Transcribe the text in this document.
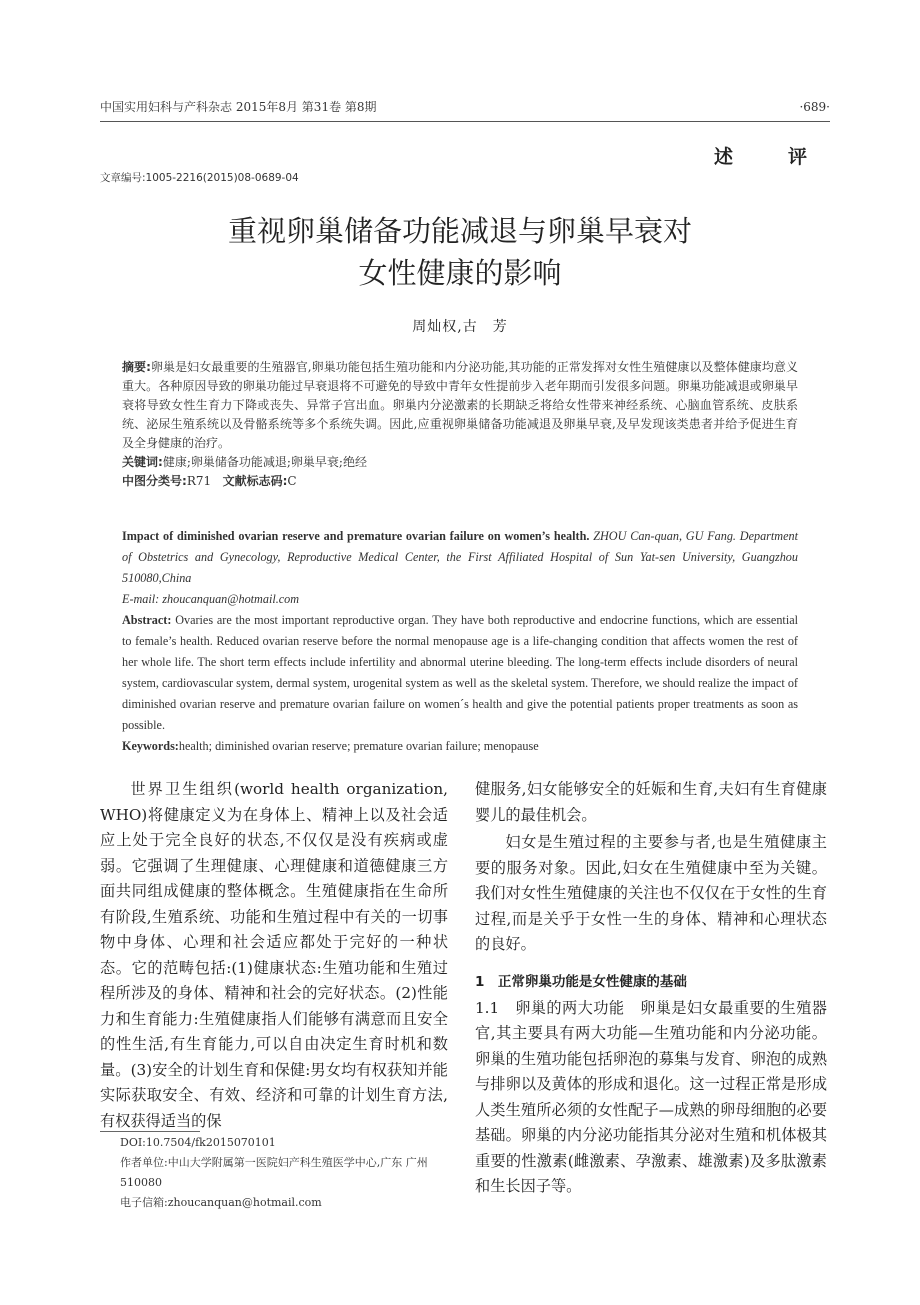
中国实用妇科与产科杂志 2015年8月 第31卷 第8期	·689·
述　评
文章编号:1005-2216(2015)08-0689-04
重视卵巢储备功能减退与卵巢早衰对
女性健康的影响
周灿权,古　芳
摘要:卵巢是妇女最重要的生殖器官,卵巢功能包括生殖功能和内分泌功能,其功能的正常发挥对女性生殖健康以及整体健康均意义重大。各种原因导致的卵巢功能过早衰退将不可避免的导致中青年女性提前步入老年期而引发很多问题。卵巢功能减退或卵巢早衰将导致女性生育力下降或丧失、异常子宫出血。卵巢内分泌激素的长期缺乏将给女性带来神经系统、心脑血管系统、皮肤系统、泌尿生殖系统以及骨骼系统等多个系统失调。因此,应重视卵巢储备功能减退及卵巢早衰,及早发现该类患者并给予促进生育及全身健康的治疗。
关键词:健康;卵巢储备功能减退;卵巢早衰;绝经
中图分类号:R71 文献标志码:C
Impact of diminished ovarian reserve and premature ovarian failure on women’s health. ZHOU Can-quan, GU Fang. Department of Obstetrics and Gynecology, Reproductive Medical Center, the First Affiliated Hospital of Sun Yat-sen University, Guangzhou 510080,China
E-mail: zhoucanquan@hotmail.com
Abstract: Ovaries are the most important reproductive organ. They have both reproductive and endocrine functions, which are essential to female’s health. Reduced ovarian reserve before the normal menopause age is a life-changing condition that affects women the rest of her whole life. The short term effects include infertility and abnormal uterine bleeding. The long-term effects include disorders of neural system, cardiovascular system, dermal system, urogenital system as well as the skeletal system. Therefore, we should realize the impact of diminished ovarian reserve and premature ovarian failure on women´s health and give the potential patients proper treatments as soon as possible.
Keywords:health; diminished ovarian reserve; premature ovarian failure; menopause

世界卫生组织(world health organization, WHO)将健康定义为在身体上、精神上以及社会适应上处于完全良好的状态,不仅仅是没有疾病或虚弱。它强调了生理健康、心理健康和道德健康三方面共同组成健康的整体概念。生殖健康指在生命所有阶段,生殖系统、功能和生殖过程中有关的一切事物中身体、心理和社会适应都处于完好的一种状态。它的范畴包括:(1)健康状态:生殖功能和生殖过程所涉及的身体、精神和社会的完好状态。(2)性能力和生育能力:生殖健康指人们能够有满意而且安全的性生活,有生育能力,可以自由决定生育时机和数量。(3)安全的计划生育和保健:男女均有权获知并能实际获取安全、有效、经济和可靠的计划生育方法,有权获得适当的保

健服务,妇女能够安全的妊娠和生育,夫妇有生育健康婴儿的最佳机会。

妇女是生殖过程的主要参与者,也是生殖健康主要的服务对象。因此,妇女在生殖健康中至为关键。我们对女性生殖健康的关注也不仅仅在于女性的生育过程,而是关乎于女性一生的身体、精神和心理状态的良好。

1　正常卵巢功能是女性健康的基础

1.1　卵巢的两大功能　卵巢是妇女最重要的生殖器官,其主要具有两大功能—生殖功能和内分泌功能。卵巢的生殖功能包括卵泡的募集与发育、卵泡的成熟与排卵以及黄体的形成和退化。这一过程正常是形成人类生殖所必须的女性配子—成熟的卵母细胞的必要基础。卵巢的内分泌功能指其分泌对生殖和机体极其重要的性激素(雌激素、孕激素、雄激素)及多肽激素和生长因子等。

DOI:10.7504/fk2015070101
作者单位:中山大学附属第一医院妇产科生殖医学中心,广东 广州 510080
电子信箱:zhoucanquan@hotmail.com
